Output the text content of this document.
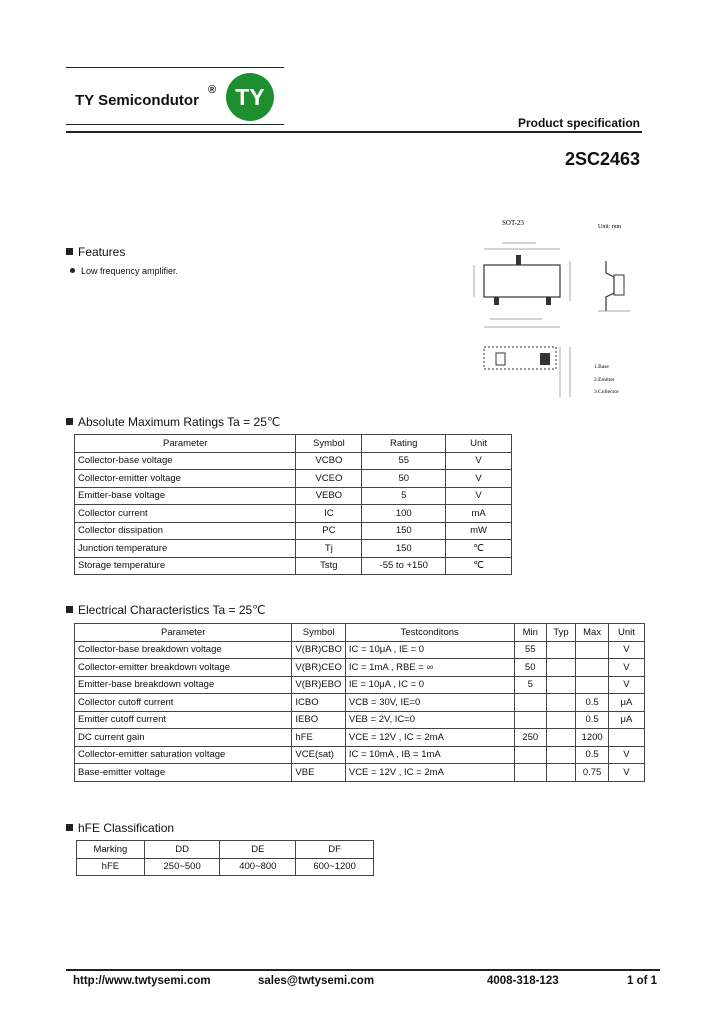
TY Semicondutor
® TY
Product specification
2SC2463
SOT-23	Unit: mm
1.Base
2.Emitter
3.Collector
Features
Low frequency amplifier.
Absolute Maximum Ratings Ta = 25℃
Parameter	Symbol	Rating	Unit
Collector-base voltage	VCBO	55	V
Collector-emitter voltage	VCEO	50	V
Emitter-base voltage	VEBO	5	V
Collector current	IC	100	mA
Collector dissipation	PC	150	mW
Junction temperature	Tj	150	℃
Storage temperature	Tstg	-55 to +150	℃
Electrical Characteristics Ta = 25℃
Parameter	Symbol	Testconditons	Min	Typ	Max	Unit
Collector-base breakdown voltage	V(BR)CBO	IC = 10μA , IE = 0	55			V
Collector-emitter breakdown voltage	V(BR)CEO	IC = 1mA , RBE = ∞	50			V
Emitter-base breakdown voltage	V(BR)EBO	IE = 10μA , IC = 0	5			V
Collector cutoff current	ICBO	VCB = 30V, IE=0			0.5	μA
Emitter cutoff current	IEBO	VEB = 2V, IC=0			0.5	μA
DC current gain	hFE	VCE = 12V , IC = 2mA	250		1200	
Collector-emitter saturation voltage	VCE(sat)	IC = 10mA , IB = 1mA			0.5	V
Base-emitter voltage	VBE	VCE = 12V , IC = 2mA			0.75	V
hFE Classification
Marking	DD	DE	DF
hFE	250~500	400~800	600~1200
http://www.twtysemi.com	sales@twtysemi.com	4008-318-123	1 of 1
